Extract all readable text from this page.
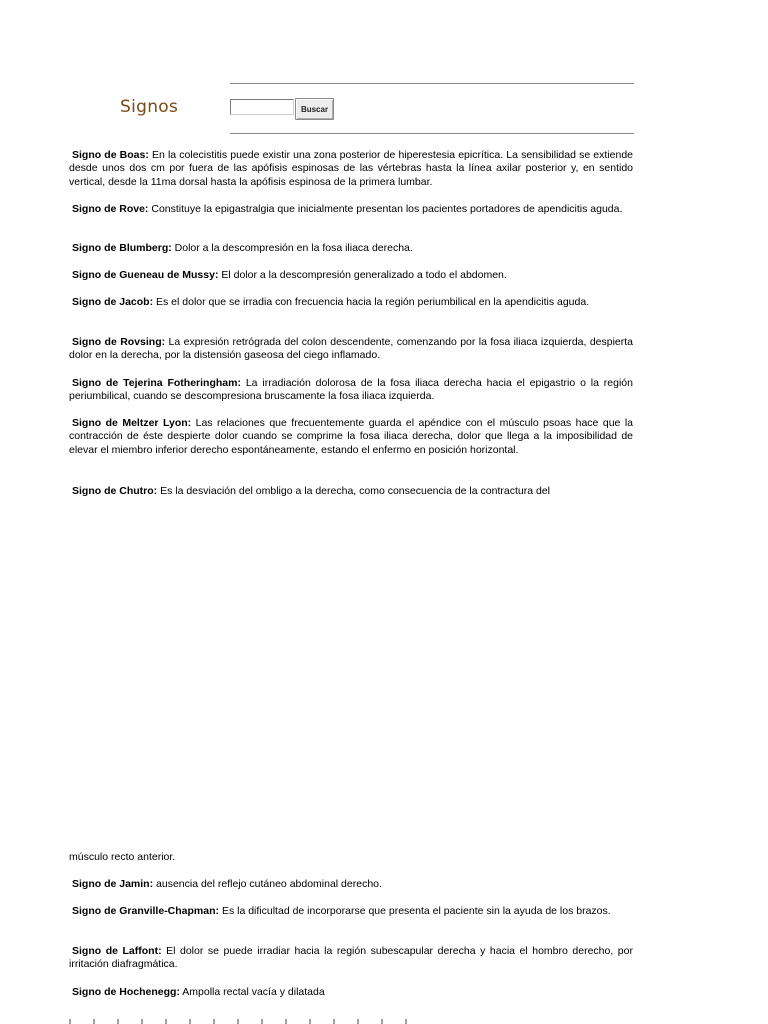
Signos	Buscar

Signo de Boas: En la colecistitis puede existir una zona posterior de hiperestesia epicrítica. La sensibilidad se extiende desde unos dos cm por fuera de las apófisis espinosas de las vértebras hasta la línea axilar posterior y, en sentido vertical, desde la 11ma dorsal hasta la apófisis espinosa de la primera lumbar.

Signo de Rove: Constituye la epigastralgia que inicialmente presentan los pacientes portadores de apendicitis aguda.

Signo de Blumberg: Dolor a la descompresión en la fosa iliaca derecha.

Signo de Gueneau de Mussy: El dolor a la descompresión generalizado a todo el abdomen.

Signo de Jacob: Es el dolor que se irradia con frecuencia hacia la región periumbilical en la apendicitis aguda.

Signo de Rovsing: La expresión retrógrada del colon descendente, comenzando por la fosa iliaca izquierda, despierta dolor en la derecha, por la distensión gaseosa del ciego inflamado.

Signo de Tejerina Fotheringham: La irradiación dolorosa de la fosa iliaca derecha hacia el epigastrio o la región periumbilical, cuando se descompresiona bruscamente la fosa iliaca izquierda.

Signo de Meltzer Lyon: Las relaciones que frecuentemente guarda el apéndice con el músculo psoas hace que la contracción de éste despierte dolor cuando se comprime la fosa iliaca derecha, dolor que llega a la imposibilidad de elevar el miembro inferior derecho espontáneamente, estando el enfermo en posición horizontal.

Signo de Chutro: Es la desviación del ombligo a la derecha, como consecuencia de la contractura del

músculo recto anterior.

Signo de Jamin: ausencia del reflejo cutáneo abdominal derecho.

Signo de Granville-Chapman: Es la dificultad de incorporarse que presenta el paciente sin la ayuda de los brazos.

Signo de Laffont: El dolor se puede irradiar hacia la región subescapular derecha y hacia el hombro derecho, por irritación diafragmática.

Signo de Hochenegg: Ampolla rectal vacía y dilatada
